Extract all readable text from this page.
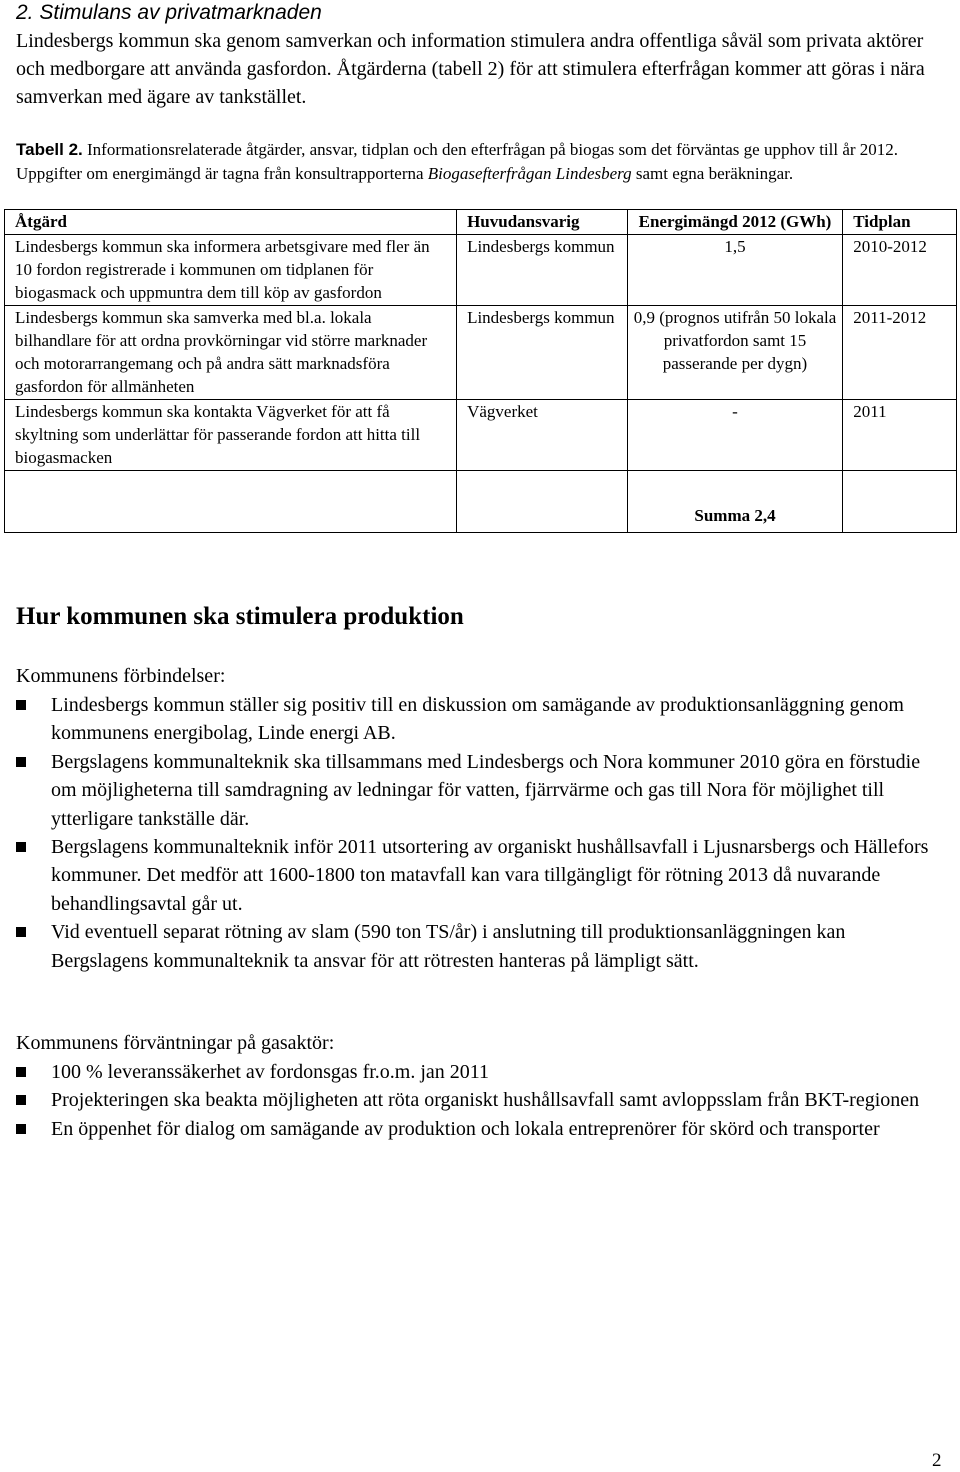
2. Stimulans av privatmarknaden

Lindesbergs kommun ska genom samverkan och information stimulera andra offentliga såväl som privata aktörer och medborgare att använda gasfordon. Åtgärderna (tabell 2) för att stimulera efterfrågan kommer att göras i nära samverkan med ägare av tankstället.

Tabell 2. Informationsrelaterade åtgärder, ansvar, tidplan och den efterfrågan på biogas som det förväntas ge upphov till år 2012. Uppgifter om energimängd är tagna från konsultrapporterna Biogasefterfrågan Lindesberg samt egna beräkningar.

Åtgärd	Huvudansvarig	Energimängd 2012 (GWh)	Tidplan
Lindesbergs kommun ska informera arbetsgivare med fler än 10 fordon registrerade i kommunen om tidplanen för biogasmack och uppmuntra dem till köp av gasfordon	Lindesbergs kommun	1,5	2010-2012
Lindesbergs kommun ska samverka med bl.a. lokala bilhandlare för att ordna provkörningar vid större marknader och motorarrangemang och på andra sätt marknadsföra gasfordon för allmänheten	Lindesbergs kommun	0,9 (prognos utifrån 50 lokala privatfordon samt 15 passerande per dygn)	2011-2012
Lindesbergs kommun ska kontakta Vägverket för att få skyltning som underlättar för passerande fordon att hitta till biogasmacken	Vägverket	-	2011
		Summa 2,4	
Hur kommunen ska stimulera produktion

Kommunens förbindelser:

Lindesbergs kommun ställer sig positiv till en diskussion om samägande av produktionsanläggning genom kommunens energibolag, Linde energi AB.
Bergslagens kommunalteknik ska tillsammans med Lindesbergs och Nora kommuner 2010 göra en förstudie om möjligheterna till samdragning av ledningar för vatten, fjärrvärme och gas till Nora för möjlighet till ytterligare tankställe där.
Bergslagens kommunalteknik inför 2011 utsortering av organiskt hushållsavfall i Ljusnarsbergs och Hällefors kommuner. Det medför att 1600-1800 ton matavfall kan vara tillgängligt för rötning 2013 då nuvarande behandlingsavtal går ut.
Vid eventuell separat rötning av slam (590 ton TS/år) i anslutning till produktionsanläggningen kan Bergslagens kommunalteknik ta ansvar för att rötresten hanteras på lämpligt sätt.

Kommunens förväntningar på gasaktör:

100 % leveranssäkerhet av fordonsgas fr.o.m. jan 2011
Projekteringen ska beakta möjligheten att röta organiskt hushållsavfall samt avloppsslam från BKT-regionen
En öppenhet för dialog om samägande av produktion och lokala entreprenörer för skörd och transporter
2
